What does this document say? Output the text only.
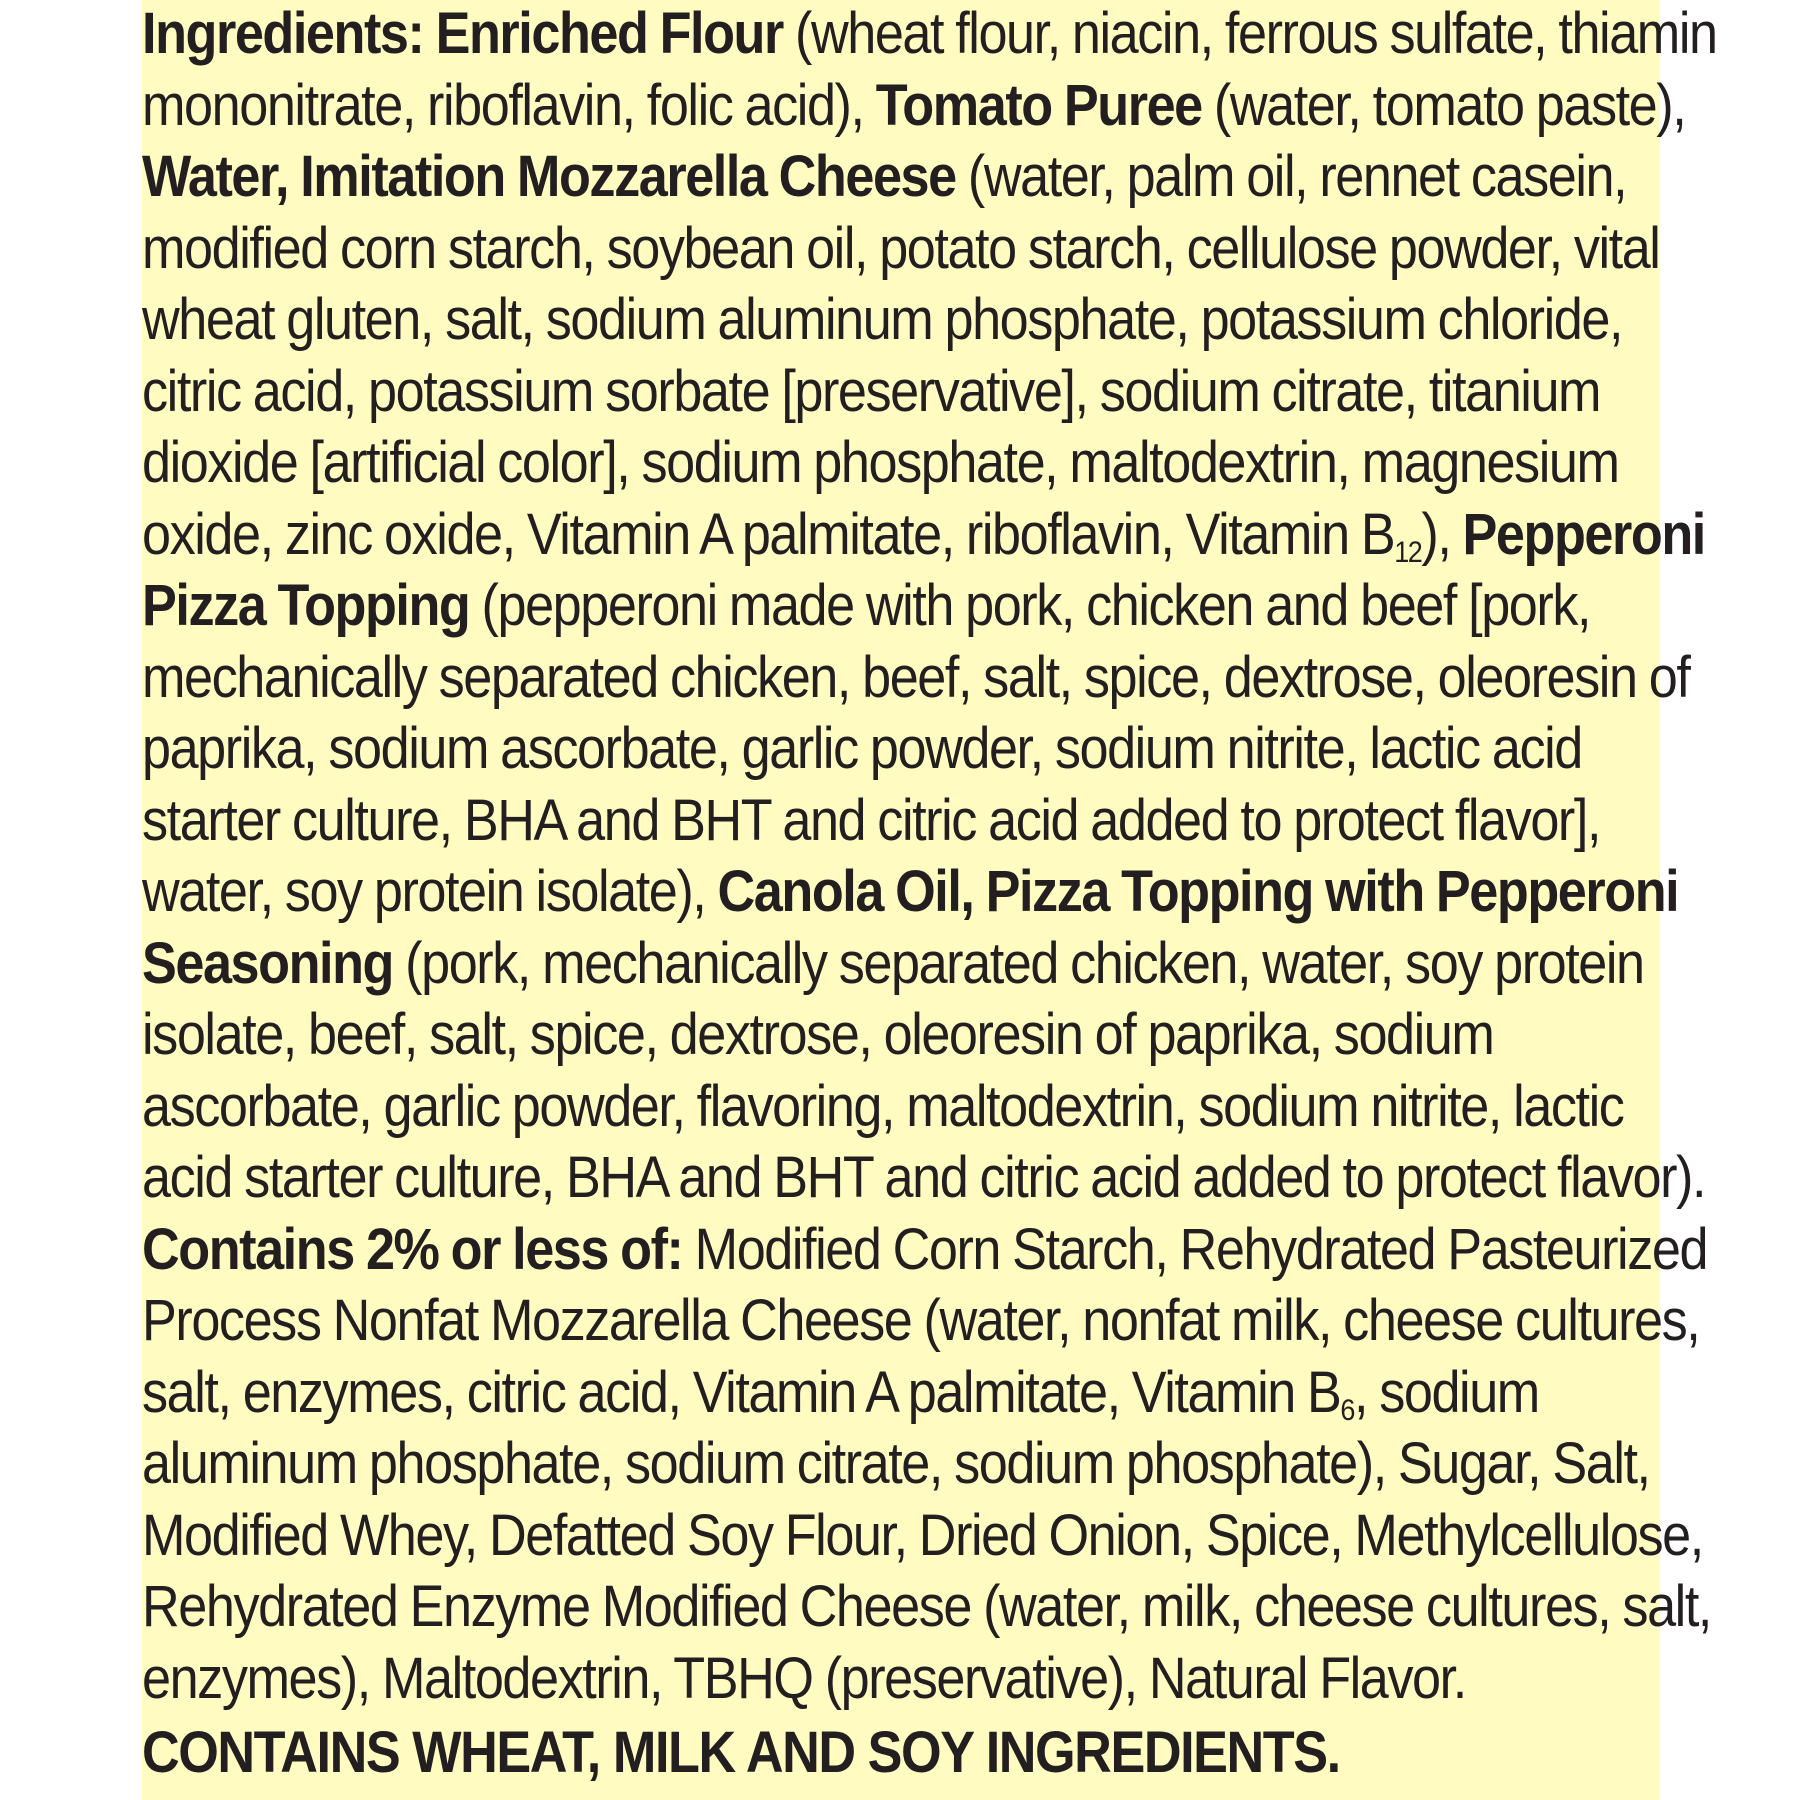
Ingredients: Enriched Flour (wheat flour, niacin, ferrous sulfate, thiamin
mononitrate, riboflavin, folic acid), Tomato Puree (water, tomato paste),
Water, Imitation Mozzarella Cheese (water, palm oil, rennet casein,
modified corn starch, soybean oil, potato starch, cellulose powder, vital
wheat gluten, salt, sodium aluminum phosphate, potassium chloride,
citric acid, potassium sorbate [preservative], sodium citrate, titanium
dioxide [artificial color], sodium phosphate, maltodextrin, magnesium
oxide, zinc oxide, Vitamin A palmitate, riboflavin, Vitamin $B_{12}$), Pepperoni
Pizza Topping (pepperoni made with pork, chicken and beef [pork,
mechanically separated chicken, beef, salt, spice, dextrose, oleoresin of
paprika, sodium ascorbate, garlic powder, sodium nitrite, lactic acid
starter culture, BHA and BHT and citric acid added to protect flavor],
water, soy protein isolate), Canola Oil, Pizza Topping with Pepperoni
Seasoning (pork, mechanically separated chicken, water, soy protein
isolate, beef, salt, spice, dextrose, oleoresin of paprika, sodium
ascorbate, garlic powder, flavoring, maltodextrin, sodium nitrite, lactic
acid starter culture, BHA and BHT and citric acid added to protect flavor).
Contains 2% or less of: Modified Corn Starch, Rehydrated Pasteurized
Process Nonfat Mozzarella Cheese (water, nonfat milk, cheese cultures,
salt, enzymes, citric acid, Vitamin A palmitate, Vitamin $B_6$, sodium
aluminum phosphate, sodium citrate, sodium phosphate), Sugar, Salt,
Modified Whey, Defatted Soy Flour, Dried Onion, Spice, Methylcellulose,
Rehydrated Enzyme Modified Cheese (water, milk, cheese cultures, salt,
enzymes), Maltodextrin, TBHQ (preservative), Natural Flavor.
CONTAINS WHEAT, MILK AND SOY INGREDIENTS.
